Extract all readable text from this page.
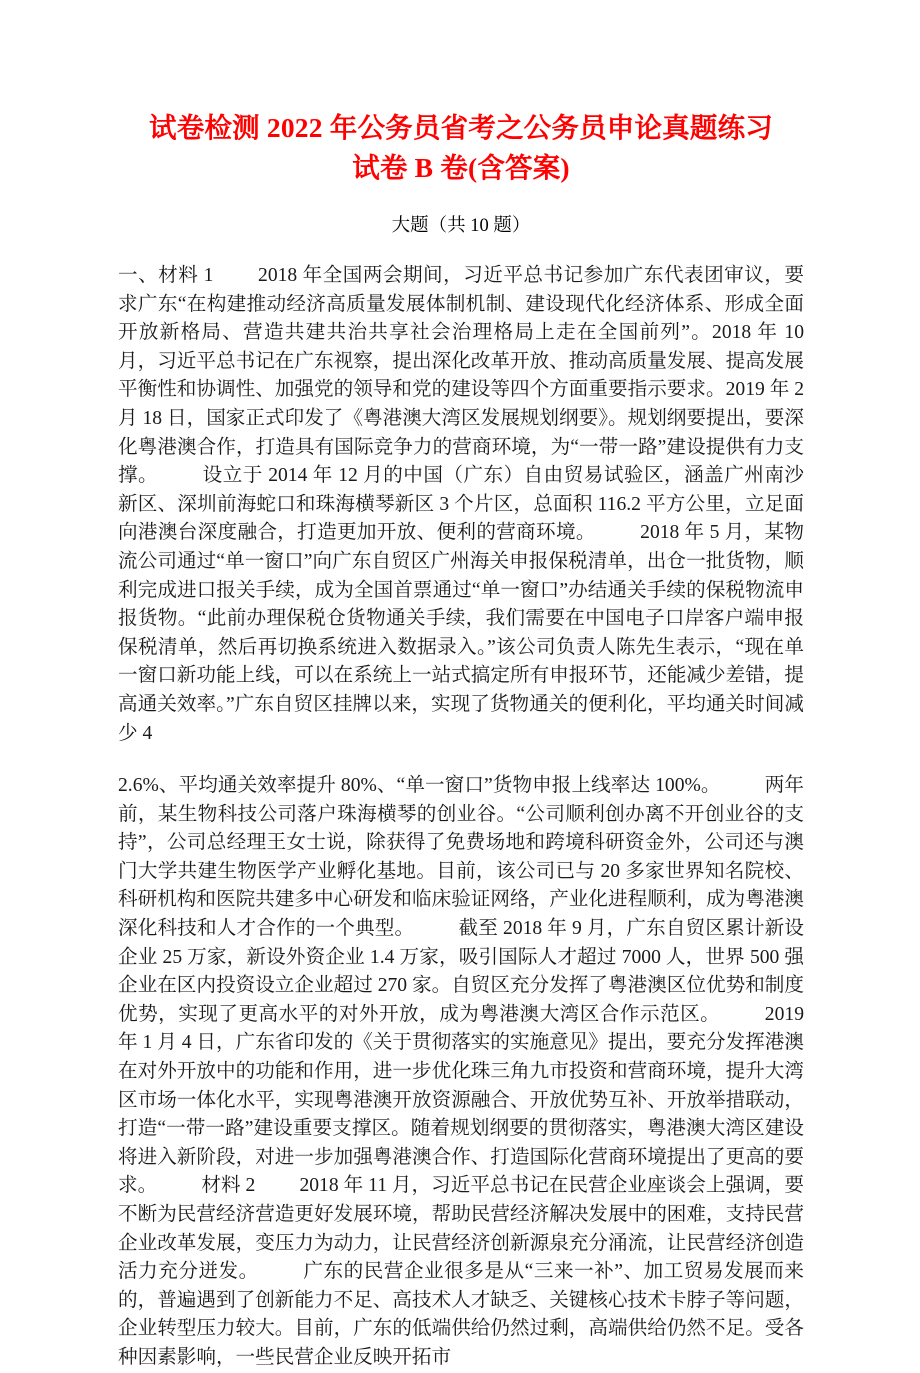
试卷检测 2022 年公务员省考之公务员申论真题练习
试卷 B 卷(含答案)
大题（共 10 题）

一、材料 1   2018 年全国两会期间，习近平总书记参加广东代表团审议，要求广东“在构建推动经济高质量发展体制机制、建设现代化经济体系、形成全面开放新格局、营造共建共治共享社会治理格局上走在全国前列”。2018 年 10 月，习近平总书记在广东视察，提出深化改革开放、推动高质量发展、提高发展平衡性和协调性、加强党的领导和党的建设等四个方面重要指示要求。2019 年 2 月 18 日，国家正式印发了《粤港澳大湾区发展规划纲要》。规划纲要提出，要深化粤港澳合作，打造具有国际竞争力的营商环境，为“一带一路”建设提供有力支撑。   设立于 2014 年 12 月的中国（广东）自由贸易试验区，涵盖广州南沙新区、深圳前海蛇口和珠海横琴新区 3 个片区，总面积 116.2 平方公里，立足面向港澳台深度融合，打造更加开放、便利的营商环境。   2018 年 5 月，某物流公司通过“单一窗口”向广东自贸区广州海关申报保税清单，出仓一批货物，顺利完成进口报关手续，成为全国首票通过“单一窗口”办结通关手续的保税物流申报货物。“此前办理保税仓货物通关手续，我们需要在中国电子口岸客户端申报保税清单，然后再切换系统进入数据录入。”该公司负责人陈先生表示，“现在单一窗口新功能上线，可以在系统上一站式搞定所有申报环节，还能减少差错，提高通关效率。”广东自贸区挂牌以来，实现了货物通关的便利化，平均通关时间减少 4

2.6%、平均通关效率提升 80%、“单一窗口”货物申报上线率达 100%。   两年前，某生物科技公司落户珠海横琴的创业谷。“公司顺利创办离不开创业谷的支持”，公司总经理王女士说，除获得了免费场地和跨境科研资金外，公司还与澳门大学共建生物医学产业孵化基地。目前，该公司已与 20 多家世界知名院校、科研机构和医院共建多中心研发和临床验证网络，产业化进程顺利，成为粤港澳深化科技和人才合作的一个典型。   截至 2018 年 9 月，广东自贸区累计新设企业 25 万家，新设外资企业 1.4 万家，吸引国际人才超过 7000 人，世界 500 强企业在区内投资设立企业超过 270 家。自贸区充分发挥了粤港澳区位优势和制度优势，实现了更高水平的对外开放，成为粤港澳大湾区合作示范区。   2019 年 1 月 4 日，广东省印发的《关于贯彻落实的实施意见》提出，要充分发挥港澳在对外开放中的功能和作用，进一步优化珠三角九市投资和营商环境，提升大湾区市场一体化水平，实现粤港澳开放资源融合、开放优势互补、开放举措联动，打造“一带一路”建设重要支撑区。随着规划纲要的贯彻落实，粤港澳大湾区建设将进入新阶段，对进一步加强粤港澳合作、打造国际化营商环境提出了更高的要求。   材料 2   2018 年 11 月，习近平总书记在民营企业座谈会上强调，要不断为民营经济营造更好发展环境，帮助民营经济解决发展中的困难，支持民营企业改革发展，变压力为动力，让民营经济创新源泉充分涌流，让民营经济创造活力充分迸发。   广东的民营企业很多是从“三来一补”、加工贸易发展而来的，普遍遇到了创新能力不足、高技术人才缺乏、关键核心技术卡脖子等问题，企业转型压力较大。目前，广东的低端供给仍然过剩，高端供给仍然不足。受各种因素影响，一些民营企业反映开拓市
